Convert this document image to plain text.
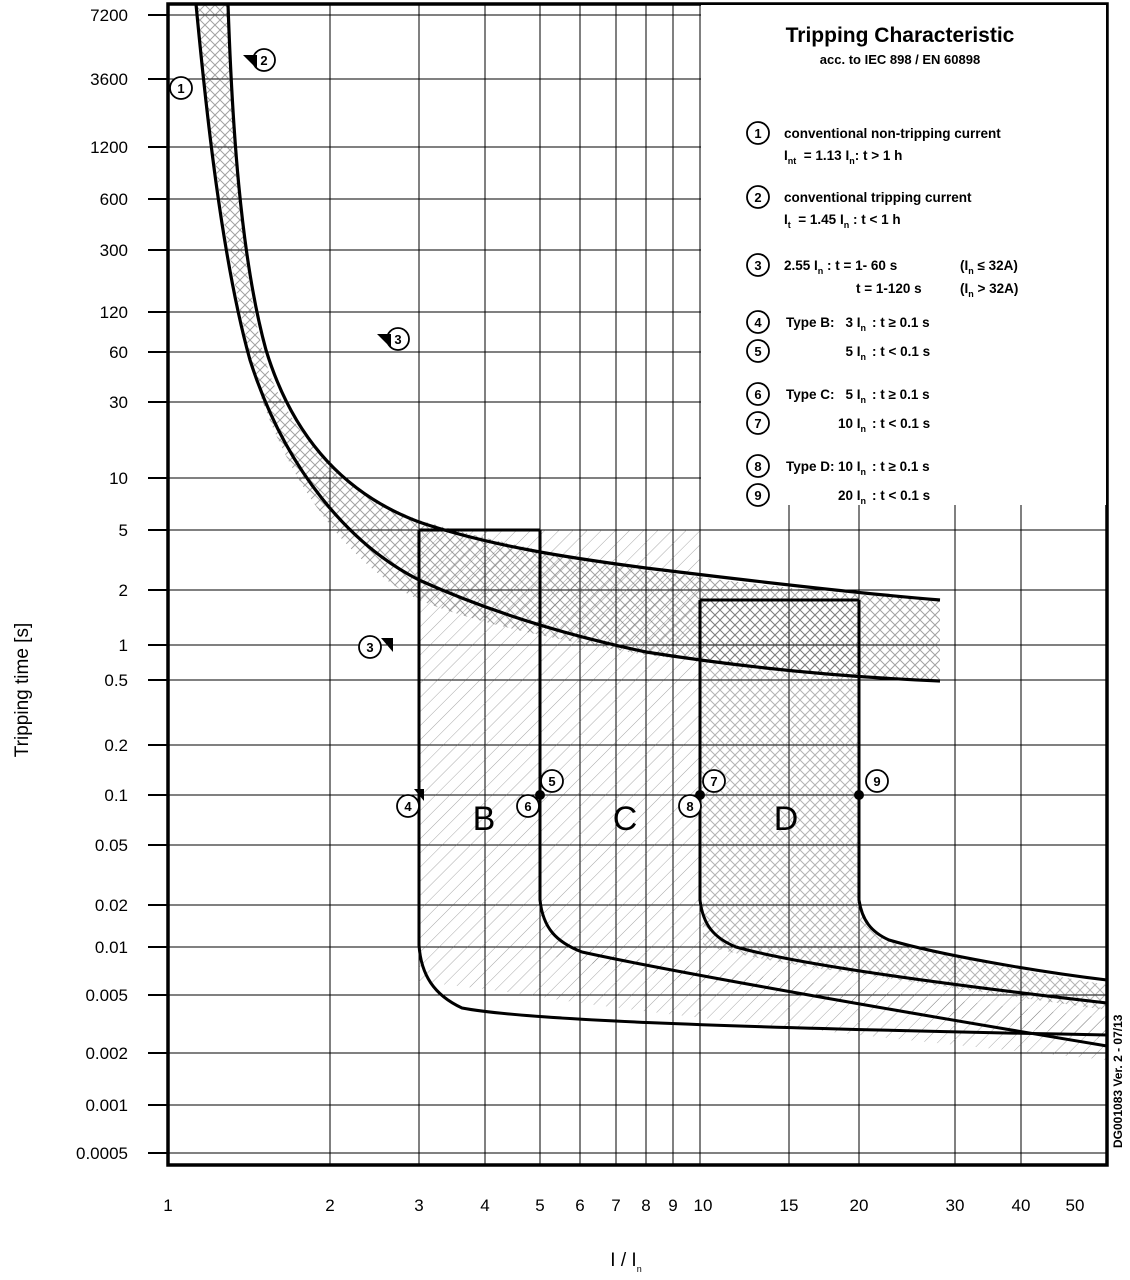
7200
3600
1200
600
300
120
60
30
10
5
2
1
0.5
0.2
0.1
0.05
0.02
0.01
0.005
0.002
0.001
0.0005
1	2	3	4	5 6 7 8 9 10	15	20	30	40 50
Tripping time [s]
I / $I_n$
B	C	D
1
2
3
3
4
5
6
7
8
9
Tripping Characteristic
acc. to IEC 898 / EN 60898
1 conventional non-tripping current
$I_{nt} = 1.13$ $I_n$: t > 1 h
2 conventional tripping current
$I_t = 1.45$ $I_n$ : t < 1 h
3 2.55 $I_n$ : t = 1- 60 s	$(I_n \le 32A)$
t = 1-120 s	$(I_n > 32A)$
4 Type B: 3 $I_n$ : t ≥ 0.1 s
5	5 $I_n$ : t < 0.1 s
6 Type C: 5 $I_n$ : t ≥ 0.1 s
7	10 $I_n$ : t < 0.1 s
8 Type D: 10 $I_n$ : t ≥ 0.1 s
9	20 $I_n$ : t < 0.1 s
DG001083 Ver. 2 - 07/13
